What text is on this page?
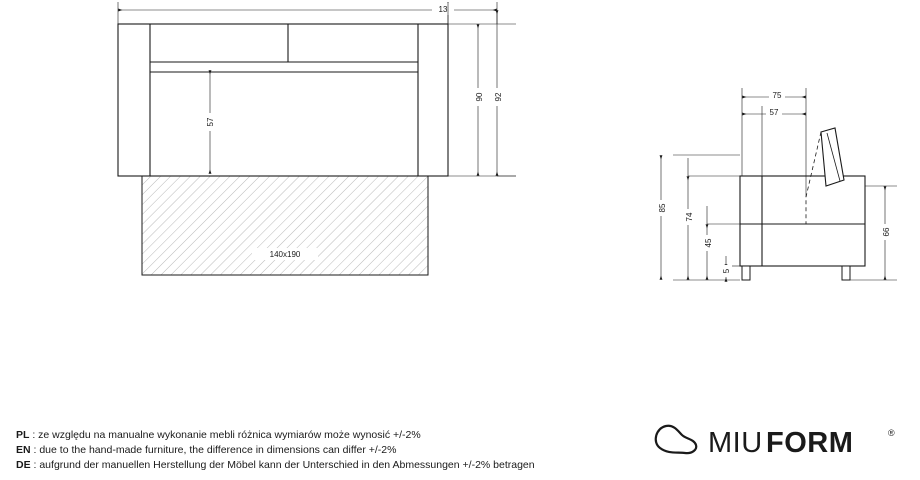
140x190
13
57
90 92	75
57
85
74
45
5
66
PL : ze względu na manualne wykonanie mebli różnica wymiarów może wynosić +/-2%
EN : due to the hand-made furniture, the difference in dimensions can differ +/-2%
DE : aufgrund der manuellen Herstellung der Möbel kann der Unterschied in den Abmessungen +/-2% betragen
MIU FORM	®
